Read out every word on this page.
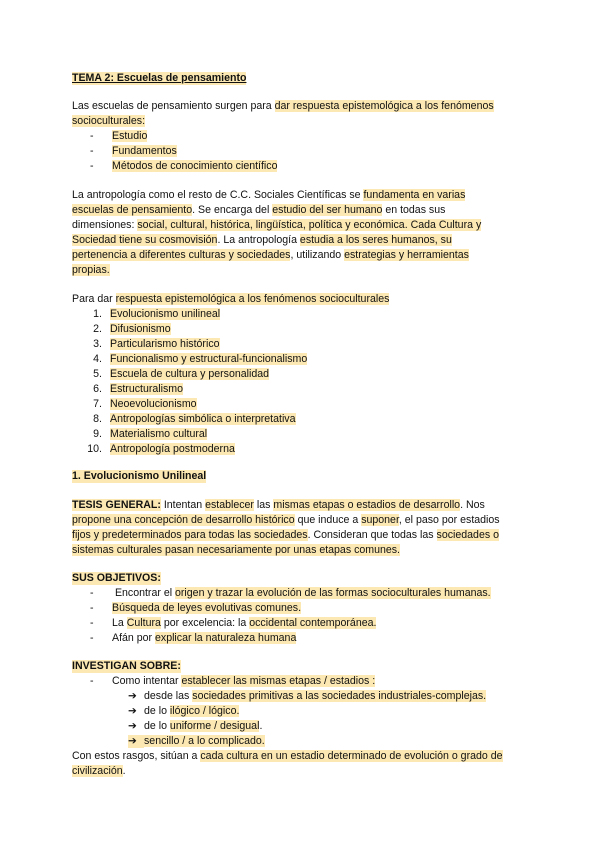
TEMA 2: Escuelas de pensamiento
Las escuelas de pensamiento surgen para dar respuesta epistemológica a los fenómenos
socioculturales:
- Estudio
- Fundamentos
- Métodos de conocimiento científico
La antropología como el resto de C.C. Sociales Científicas se fundamenta en varias
escuelas de pensamiento. Se encarga del estudio del ser humano en todas sus
dimensiones: social, cultural, histórica, lingüística, política y económica. Cada Cultura y
Sociedad tiene su cosmovisión. La antropología estudia a los seres humanos, su
pertenencia a diferentes culturas y sociedades, utilizando estrategias y herramientas
propias.
Para dar respuesta epistemológica a los fenómenos socioculturales
1. Evolucionismo unilineal
2. Difusionismo
3. Particularismo histórico
4. Funcionalismo y estructural-funcionalismo
5. Escuela de cultura y personalidad
6. Estructuralismo
7. Neoevolucionismo
8. Antropologías simbólica o interpretativa
9. Materialismo cultural
10. Antropología postmoderna
1. Evolucionismo Unilineal
TESIS GENERAL: Intentan establecer las mismas etapas o estadios de desarrollo. Nos
propone una concepción de desarrollo histórico que induce a suponer, el paso por estadios
fijos y predeterminados para todas las sociedades. Consideran que todas las sociedades o
sistemas culturales pasan necesariamente por unas etapas comunes.
SUS OBJETIVOS:
- Encontrar el origen y trazar la evolución de las formas socioculturales humanas.
- Búsqueda de leyes evolutivas comunes.
- La Cultura por excelencia: la occidental contemporánea.
- Afán por explicar la naturaleza humana
INVESTIGAN SOBRE:
- Como intentar establecer las mismas etapas / estadios :
➔ desde las sociedades primitivas a las sociedades industriales-complejas.
➔ de lo ilógico / lógico.
➔ de lo uniforme / desigual.
➔ sencillo / a lo complicado.
Con estos rasgos, sitúan a cada cultura en un estadio determinado de evolución o grado de
civilización.
